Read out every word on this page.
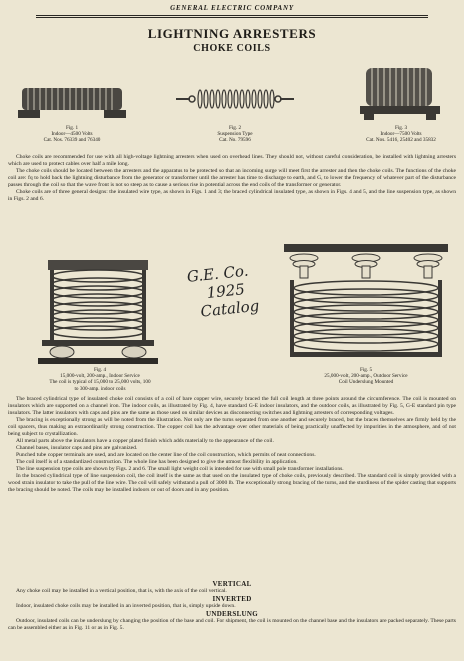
GENERAL ELECTRIC COMPANY
LIGHTNING ARRESTERS
CHOKE COILS
Fig. 1
Indoor—4500 Volts
Cat. Nos. 76339 and 76340
Fig. 2
Suspension Type
Cat. No. 79596
Fig. 3
Indoor—7500 Volts
Cat. Nos. 5416, 25402 and 35832

Choke coils are recommended for use with all high-voltage lightning arresters when used on overhead lines. They should not, without careful consideration, be installed with lightning arresters which are used to protect cables over half a mile long.

The choke coils should be located between the arresters and the apparatus to be protected so that an incoming surge will meet first the arrester and then the choke coils. The functions of the choke coil are: fq to hold back the lightning disturbance from the generator or transformer until the arrester has time to discharge to earth, and G, to lower the frequency of whatever part of the disturbance passes through the coil so that the wave front is not so steep as to cause a serious rise in potential across the end coils of the transformer or generator.

Choke coils are of three general designs: the insulated wire type, as shown in Figs. 1 and 3; the braced cylindrical insulated type, as shown in Figs. 4 and 5, and the line suspension type, as shown in Figs. 2 and 6.

Fig. 4
15,000-volt, 200-amp., Indoor Service
The coil is typical of 15,000 to 25,000 volts, 100
to 300-amp. indoor coils
G.E. Co.
1925
Catalog
Fig. 5
25,000-volt, 200-amp., Outdoor Service
Coil Underslung Mounted

The braced cylindrical type of insulated choke coil consists of a coil of bare copper wire, securely braced the full coil length at three points around the circumference. The coil is mounted on insulators which are supported on a channel iron. The indoor coils, as illustrated by Fig. 4, have standard G-E indoor insulators, and the outdoor coils, as illustrated by Fig. 5, G-E standard pin type insulators. The latter insulators with caps and pins are the same as those used on similar devices as disconnecting switches and lightning arresters of corresponding voltages.

The bracing is exceptionally strong as will be noted from the illustration. Not only are the turns separated from one another and securely braced, but the braces themselves are firmly held by the coil spacers, thus making an extraordinarily strong construction. The copper coil has the advantage over other materials of being practically unaffected by impurities in the atmosphere, and of not being subject to crystallization.

All metal parts above the insulators have a copper plated finish which adds materially to the appearance of the coil.

Channel bases, insulator caps and pins are galvanized.

Punched tube copper terminals are used, and are located on the center line of the coil construction, which permits of neat connections.

The coil itself is of a standardized construction. The whole line has been designed to give the utmost flexibility in application.

The line suspension type coils are shown by Figs. 2 and 6. The small light weight coil is intended for use with small pole transformer installations.

In the braced cylindrical type of line suspension coil, the coil itself is the same as that used on the insulated type of choke coils, previously described. The standard coil is simply provided with a wood strain insulator to take the pull of the line wire. The coil will safely withstand a pull of 3000 lb. The exceptionally strong bracing of the turns, and the sturdiness of the spider casting that supports the bracing should be noted. The coils may be installed indoors or out of doors and in any position.

VERTICAL

Any choke coil may be installed in a vertical position, that is, with the axis of the coil vertical.

INVERTED

Indoor, insulated choke coils may be installed in an inverted position, that is, simply upside down.

UNDERSLUNG

Outdoor, insulated coils can be underslung by changing the position of the base and coil. For shipment, the coil is mounted on the channel base and the insulators are packed separately. These parts can be assembled either as in Fig. 11 or as in Fig. 5.
